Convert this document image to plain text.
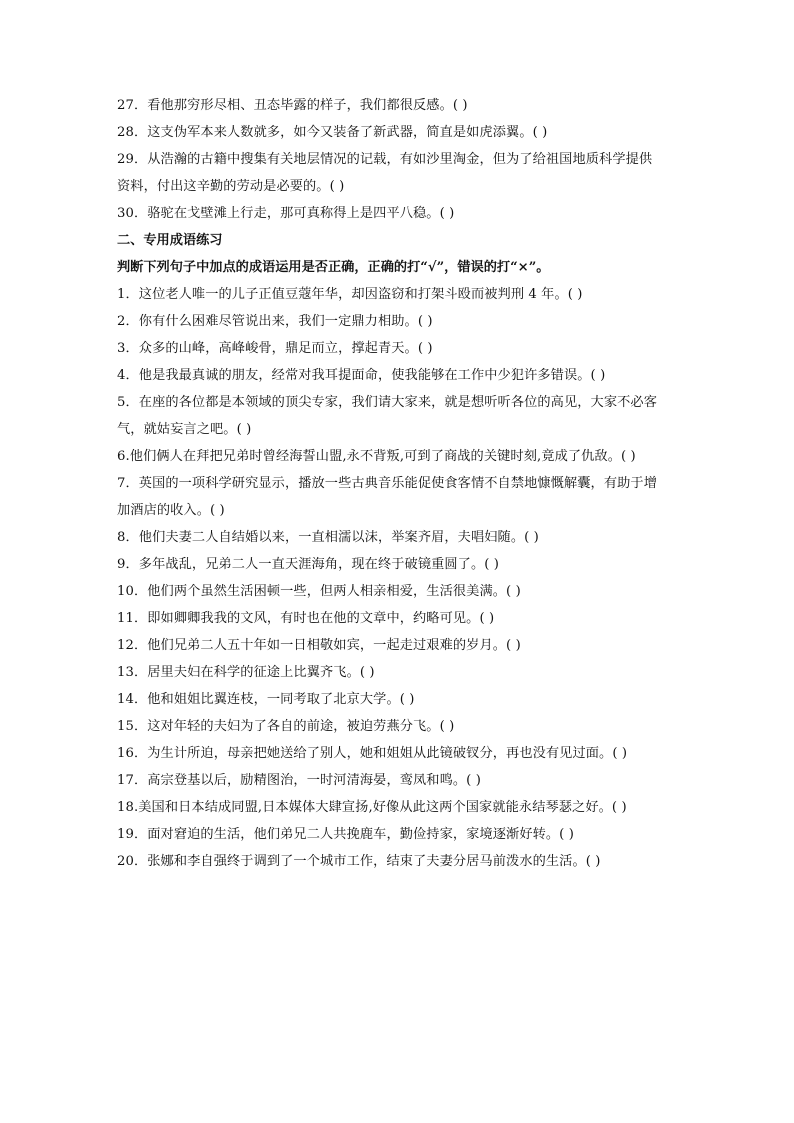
27．看他那穷形尽相、丑态毕露的样子，我们都很反感。( )
28．这支伪军本来人数就多，如今又装备了新武器，简直是如虎添翼。( )
29．从浩瀚的古籍中搜集有关地层情况的记载，有如沙里淘金，但为了给祖国地质科学提供
资料，付出这辛勤的劳动是必要的。( )
30．骆驼在戈壁滩上行走，那可真称得上是四平八稳。( )
二、专用成语练习
判断下列句子中加点的成语运用是否正确，正确的打“√”，错误的打“×”。
1．这位老人唯一的儿子正值豆蔻年华，却因盗窃和打架斗殴而被判刑 4 年。( )
2．你有什么困难尽管说出来，我们一定鼎力相助。( )
3．众多的山峰，高峰峻骨，鼎足而立，撑起青天。( )
4．他是我最真诚的朋友，经常对我耳提面命，使我能够在工作中少犯许多错误。( )
5．在座的各位都是本领域的顶尖专家，我们请大家来，就是想听听各位的高见，大家不必客
气，就姑妄言之吧。( )
6.他们俩人在拜把兄弟时曾经海誓山盟,永不背叛,可到了商战的关键时刻,竟成了仇敌。( )
7．英国的一项科学研究显示，播放一些古典音乐能促使食客情不自禁地慷慨解囊，有助于增
加酒店的收入。( )
8．他们夫妻二人自结婚以来，一直相濡以沫，举案齐眉，夫唱妇随。( )
9．多年战乱，兄弟二人一直天涯海角，现在终于破镜重圆了。( )
10．他们两个虽然生活困顿一些，但两人相亲相爱，生活很美满。( )
11．即如卿卿我我的文风，有时也在他的文章中，约略可见。( )
12．他们兄弟二人五十年如一日相敬如宾，一起走过艰难的岁月。( )
13．居里夫妇在科学的征途上比翼齐飞。( )
14．他和姐姐比翼连枝，一同考取了北京大学。( )
15．这对年轻的夫妇为了各自的前途，被迫劳燕分飞。( )
16．为生计所迫，母亲把她送给了别人，她和姐姐从此镜破钗分，再也没有见过面。( )
17．高宗登基以后，励精图治，一时河清海晏，鸾凤和鸣。( )
18.美国和日本结成同盟,日本媒体大肆宣扬,好像从此这两个国家就能永结琴瑟之好。( )
19．面对窘迫的生活，他们弟兄二人共挽鹿车，勤俭持家，家境逐渐好转。( )
20．张娜和李自强终于调到了一个城市工作，结束了夫妻分居马前泼水的生活。( )
